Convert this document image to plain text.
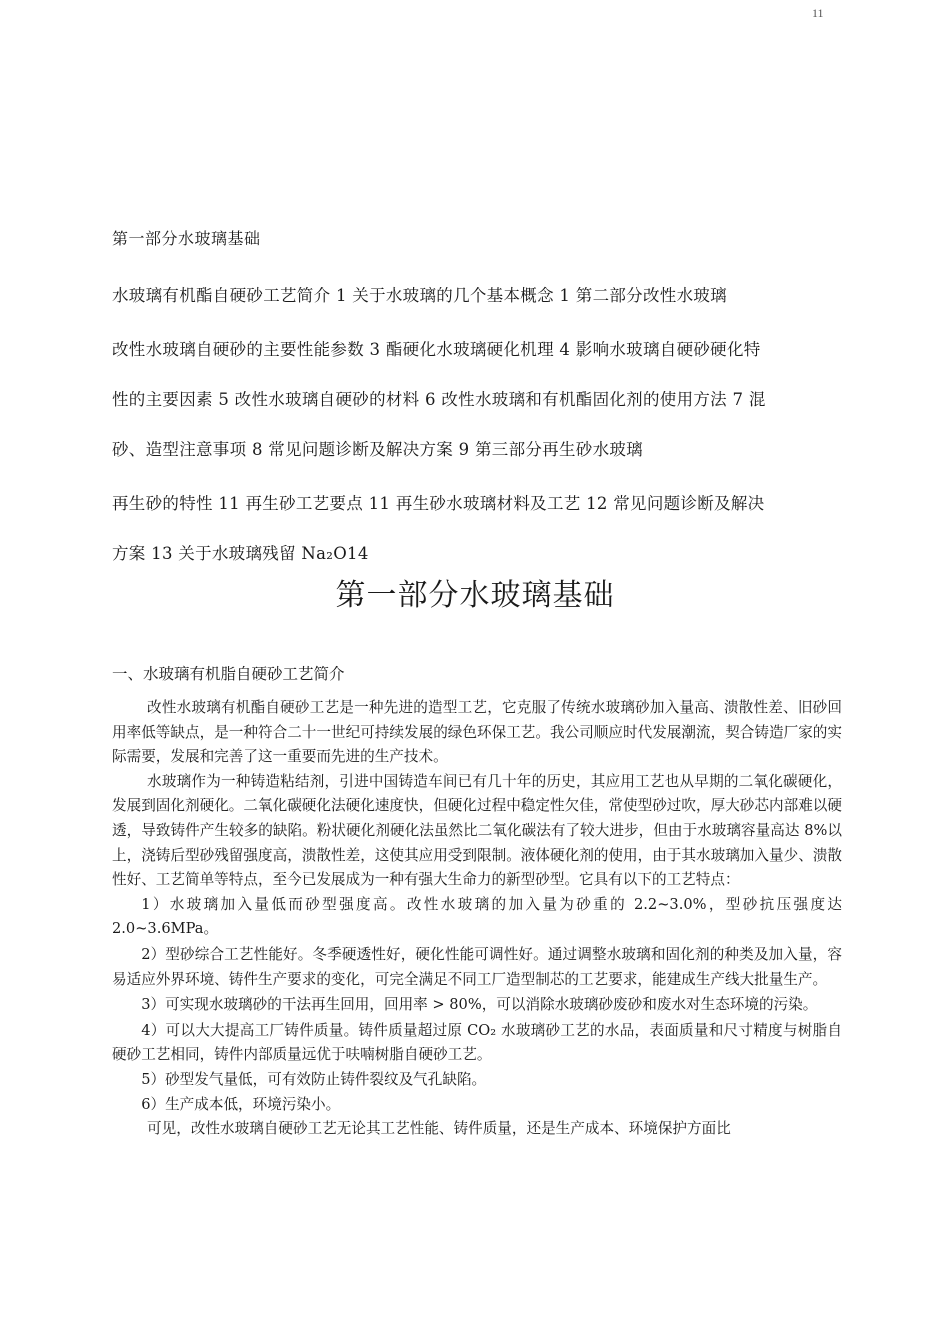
11
第一部分水玻璃基础
水玻璃有机酯自硬砂工艺简介 1 关于水玻璃的几个基本概念 1 第二部分改性水玻璃
改性水玻璃自硬砂的主要性能参数 3 酯硬化水玻璃硬化机理 4 影响水玻璃自硬砂硬化特
性的主要因素 5 改性水玻璃自硬砂的材料 6 改性水玻璃和有机酯固化剂的使用方法 7 混
砂、造型注意事项 8 常见问题诊断及解决方案 9 第三部分再生砂水玻璃
再生砂的特性 11 再生砂工艺要点 11 再生砂水玻璃材料及工艺 12 常见问题诊断及解决
方案 13 关于水玻璃残留 Na₂O14
第一部分水玻璃基础
一、水玻璃有机脂自硬砂工艺简介

改性水玻璃有机酯自硬砂工艺是一种先进的造型工艺，它克服了传统水玻璃砂加入量高、溃散性差、旧砂回用率低等缺点，是一种符合二十一世纪可持续发展的绿色环保工艺。我公司顺应时代发展潮流，契合铸造厂家的实际需要，发展和完善了这一重要而先进的生产技术。

水玻璃作为一种铸造粘结剂，引进中国铸造车间已有几十年的历史，其应用工艺也从早期的二氧化碳硬化，发展到固化剂硬化。二氧化碳硬化法硬化速度快，但硬化过程中稳定性欠佳，常使型砂过吹，厚大砂芯内部难以硬透，导致铸件产生较多的缺陷。粉状硬化剂硬化法虽然比二氧化碳法有了较大进步，但由于水玻璃容量高达 8%以上，浇铸后型砂残留强度高，溃散性差，这使其应用受到限制。液体硬化剂的使用，由于其水玻璃加入量少、溃散性好、工艺简单等特点，至今已发展成为一种有强大生命力的新型砂型。它具有以下的工艺特点：

1）水玻璃加入量低而砂型强度高。改性水玻璃的加入量为砂重的 2.2~3.0%，型砂抗压强度达 2.0~3.6MPa。

2）型砂综合工艺性能好。冬季硬透性好，硬化性能可调性好。通过调整水玻璃和固化剂的种类及加入量，容易适应外界环境、铸件生产要求的变化，可完全满足不同工厂造型制芯的工艺要求，能建成生产线大批量生产。

3）可实现水玻璃砂的干法再生回用，回用率 > 80%，可以消除水玻璃砂废砂和废水对生态环境的污染。

4）可以大大提高工厂铸件质量。铸件质量超过原 CO₂ 水玻璃砂工艺的水品，表面质量和尺寸精度与树脂自硬砂工艺相同，铸件内部质量远优于呋喃树脂自硬砂工艺。

5）砂型发气量低，可有效防止铸件裂纹及气孔缺陷。

6）生产成本低，环境污染小。

可见，改性水玻璃自硬砂工艺无论其工艺性能、铸件质量，还是生产成本、环境保护方面比
